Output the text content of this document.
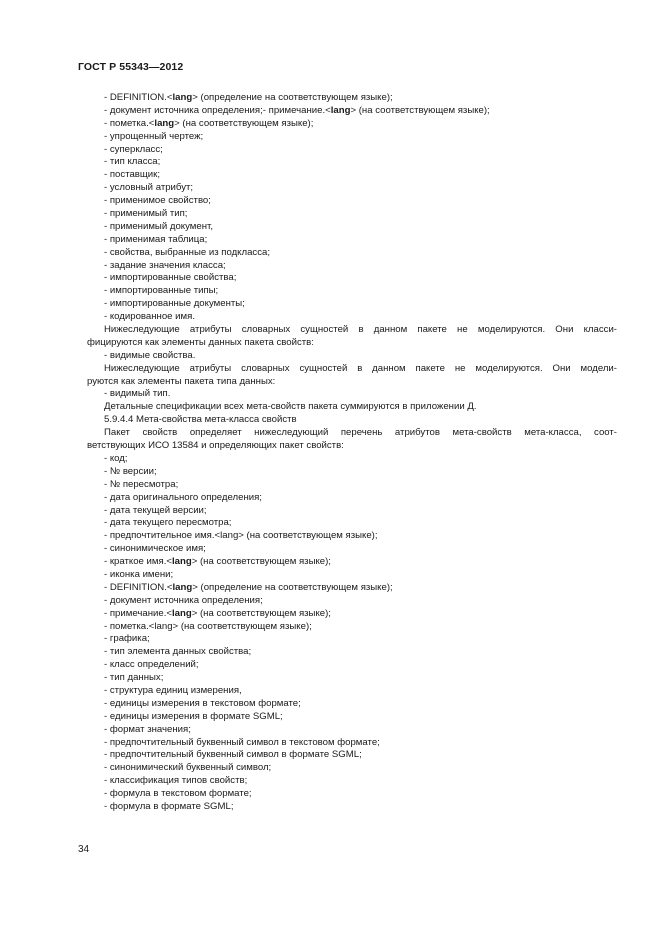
ГОСТ Р 55343—2012
- DEFINITION.<lang> (определение на соответствующем языке);
- документ источника определения;- примечание.<lang> (на соответствующем языке);
- пометка.<lang> (на соответствующем языке);
- упрощенный чертеж;
- суперкласс;
- тип класса;
- поставщик;
- условный атрибут;
- применимое свойство;
- применимый тип;
- применимый документ,
- применимая таблица;
- свойства, выбранные из подкласса;
- задание значения класса;
- импортированные свойства;
- импортированные типы;
- импортированные документы;
- кодированное имя.
Нижеследующие атрибуты словарных сущностей в данном пакете не моделируются. Они класси-
фицируются как элементы данных пакета свойств:
- видимые свойства.
Нижеследующие атрибуты словарных сущностей в данном пакете не моделируются. Они модели-
руются как элементы пакета типа данных:
- видимый тип.
Детальные спецификации всех мета-свойств пакета суммируются в приложении Д.
5.9.4.4 Мета-свойства мета-класса свойств
Пакет свойств определяет нижеследующий перечень атрибутов мета-свойств мета-класса, соот-
ветствующих ИСО 13584 и определяющих пакет свойств:
- код;
- № версии;
- № пересмотра;
- дата оригинального определения;
- дата текущей версии;
- дата текущего пересмотра;
- предпочтительное имя.<lang> (на соответствующем языке);
- синонимическое имя;
- краткое имя.<lang> (на соответствующем языке);
- иконка имени;
- DEFINITION.<lang> (определение на соответствующем языке);
- документ источника определения;
- примечание.<lang> (на соответствующем языке);
- пометка.<lang> (на соответствующем языке);
- графика;
- тип элемента данных свойства;
- класс определений;
- тип данных;
- структура единиц измерения,
- единицы измерения в текстовом формате;
- единицы измерения в формате SGML;
- формат значения;
- предпочтительный буквенный символ в текстовом формате;
- предпочтительный буквенный символ в формате SGML;
- синонимический буквенный символ;
- классификация типов свойств;
- формула в текстовом формате;
- формула в формате SGML;
34
